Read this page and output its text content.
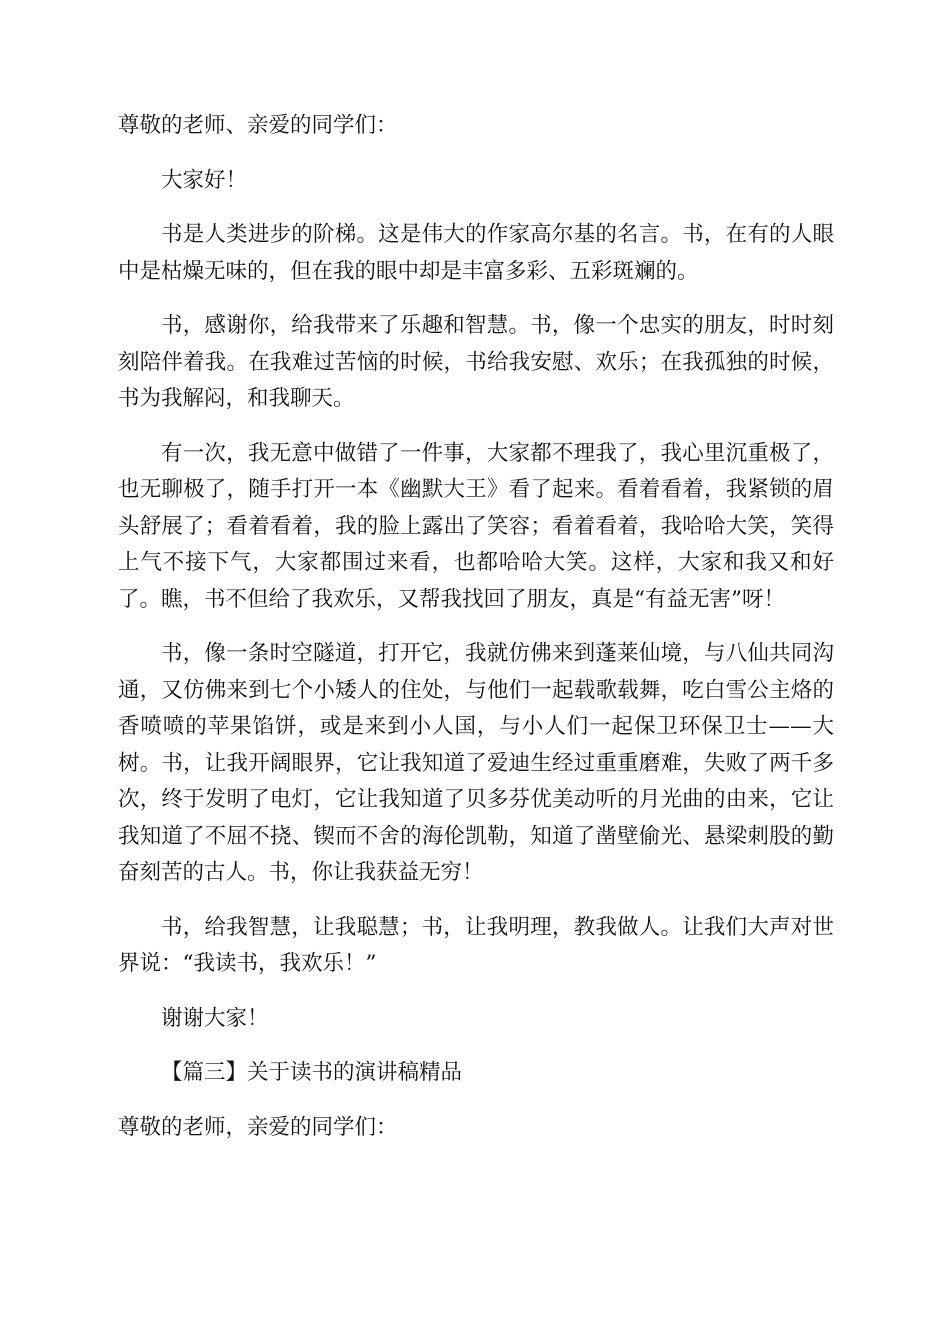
尊敬的老师、亲爱的同学们：

大家好！

书是人类进步的阶梯。这是伟大的作家高尔基的名言。书，在有的人眼中是枯燥无味的，但在我的眼中却是丰富多彩、五彩斑斓的。

书，感谢你，给我带来了乐趣和智慧。书，像一个忠实的朋友，时时刻刻陪伴着我。在我难过苦恼的时候，书给我安慰、欢乐；在我孤独的时候，书为我解闷，和我聊天。

有一次，我无意中做错了一件事，大家都不理我了，我心里沉重极了，也无聊极了，随手打开一本《幽默大王》看了起来。看着看着，我紧锁的眉头舒展了；看着看着，我的脸上露出了笑容；看着看着，我哈哈大笑，笑得上气不接下气，大家都围过来看，也都哈哈大笑。这样，大家和我又和好了。瞧，书不但给了我欢乐，又帮我找回了朋友，真是“有益无害”呀！

书，像一条时空隧道，打开它，我就仿佛来到蓬莱仙境，与八仙共同沟通，又仿佛来到七个小矮人的住处，与他们一起载歌载舞，吃白雪公主烙的香喷喷的苹果馅饼，或是来到小人国，与小人们一起保卫环保卫士——大树。书，让我开阔眼界，它让我知道了爱迪生经过重重磨难，失败了两千多次，终于发明了电灯，它让我知道了贝多芬优美动听的月光曲的由来，它让我知道了不屈不挠、锲而不舍的海伦凯勒，知道了凿壁偷光、悬梁刺股的勤奋刻苦的古人。书，你让我获益无穷！

书，给我智慧，让我聪慧；书，让我明理，教我做人。让我们大声对世界说：“我读书，我欢乐！”

谢谢大家！

【篇三】关于读书的演讲稿精品

尊敬的老师，亲爱的同学们：
